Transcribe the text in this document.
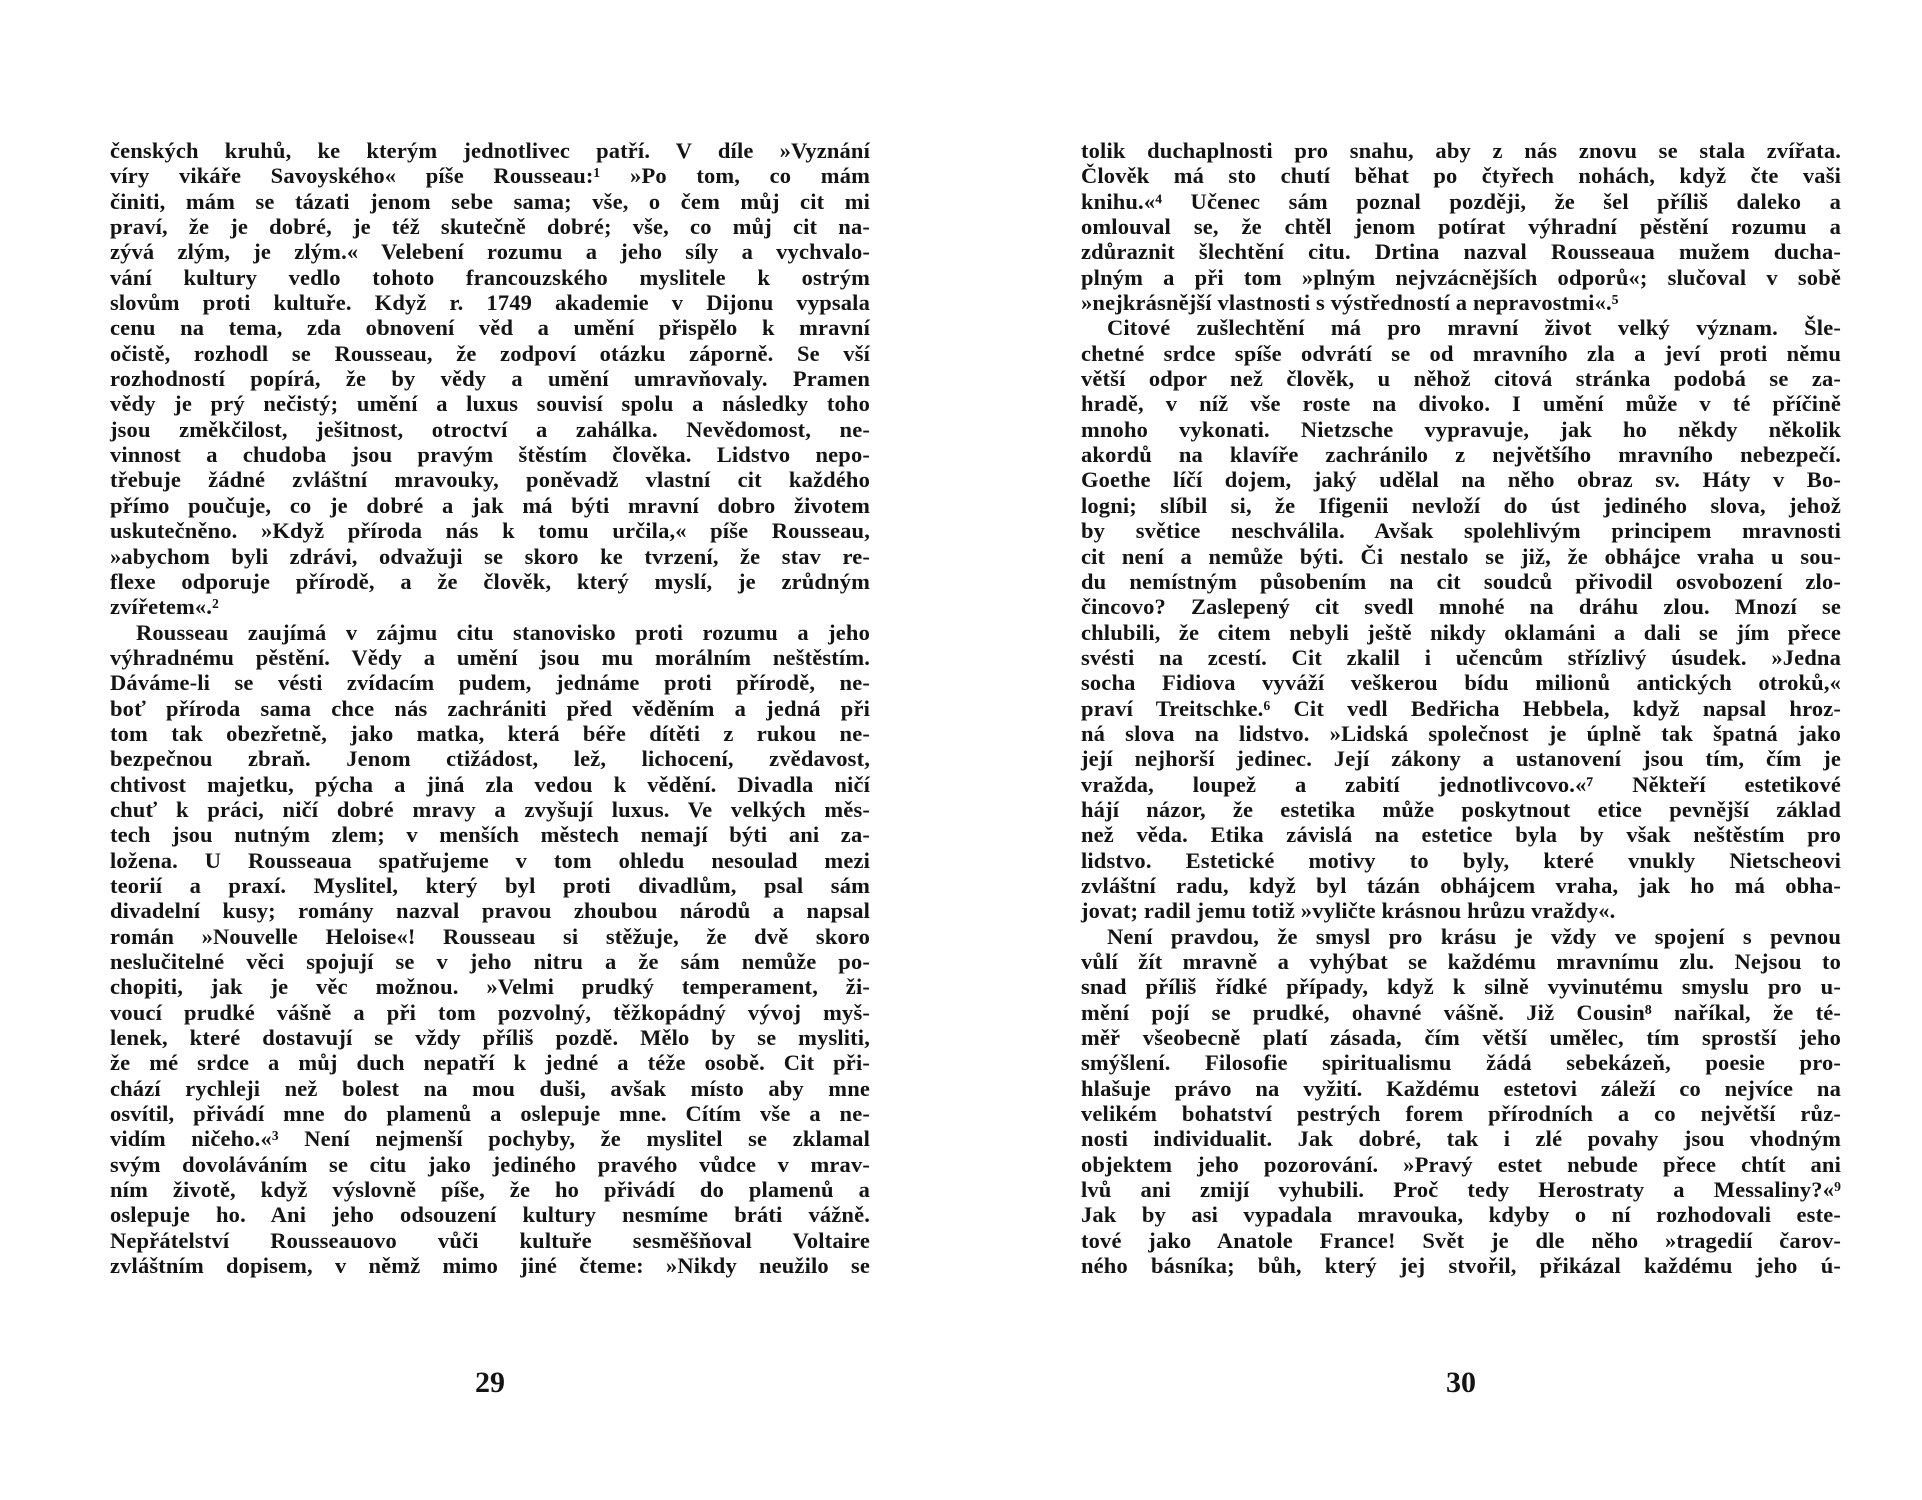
čenských kruhů, ke kterým jednotlivec patří. V díle »Vyznání
víry vikáře Savoyského« píše Rousseau:¹ »Po tom, co mám
činiti, mám se tázati jenom sebe sama; vše, o čem můj cit mi
praví, že je dobré, je též skutečně dobré; vše, co můj cit na-
zývá zlým, je zlým.« Velebení rozumu a jeho síly a vychvalo-
vání kultury vedlo tohoto francouzského myslitele k ostrým
slovům proti kultuře. Když r. 1749 akademie v Dijonu vypsala
cenu na tema, zda obnovení věd a umění přispělo k mravní
očistě, rozhodl se Rousseau, že zodpoví otázku záporně. Se vší
rozhodností popírá, že by vědy a umění umravňovaly. Pramen
vědy je prý nečistý; umění a luxus souvisí spolu a následky toho
jsou změkčilost, ješitnost, otroctví a zahálka. Nevědomost, ne-
vinnost a chudoba jsou pravým štěstím člověka. Lidstvo nepo-
třebuje žádné zvláštní mravouky, poněvadž vlastní cit každého
přímo poučuje, co je dobré a jak má býti mravní dobro životem
uskutečněno. »Když příroda nás k tomu určila,« píše Rousseau,
»abychom byli zdrávi, odvažuji se skoro ke tvrzení, že stav re-
flexe odporuje přírodě, a že člověk, který myslí, je zrůdným
zvířetem«.²
Rousseau zaujímá v zájmu citu stanovisko proti rozumu a jeho
výhradnému pěstění. Vědy a umění jsou mu morálním neštěstím.
Dáváme-li se vésti zvídacím pudem, jednáme proti přírodě, ne-
boť příroda sama chce nás zachrániti před věděním a jedná při
tom tak obezřetně, jako matka, která béře dítěti z rukou ne-
bezpečnou zbraň. Jenom ctižádost, lež, lichocení, zvědavost,
chtivost majetku, pýcha a jiná zla vedou k vědění. Divadla ničí
chuť k práci, ničí dobré mravy a zvyšují luxus. Ve velkých měs-
tech jsou nutným zlem; v menších městech nemají býti ani za-
ložena. U Rousseaua spatřujeme v tom ohledu nesoulad mezi
teorií a praxí. Myslitel, který byl proti divadlům, psal sám
divadelní kusy; romány nazval pravou zhoubou národů a napsal
román »Nouvelle Heloise«! Rousseau si stěžuje, že dvě skoro
neslučitelné věci spojují se v jeho nitru a že sám nemůže po-
chopiti, jak je věc možnou. »Velmi prudký temperament, ži-
voucí prudké vášně a při tom pozvolný, těžkopádný vývoj myš-
lenek, které dostavují se vždy příliš pozdě. Mělo by se mysliti,
že mé srdce a můj duch nepatří k jedné a téže osobě. Cit při-
chází rychleji než bolest na mou duši, avšak místo aby mne
osvítil, přivádí mne do plamenů a oslepuje mne. Cítím vše a ne-
vidím ničeho.«³ Není nejmenší pochyby, že myslitel se zklamal
svým dovoláváním se citu jako jediného pravého vůdce v mrav-
ním životě, když výslovně píše, že ho přivádí do plamenů a
oslepuje ho. Ani jeho odsouzení kultury nesmíme bráti vážně.
Nepřátelství Rousseauovo vůči kultuře sesměšňoval Voltaire
zvláštním dopisem, v němž mimo jiné čteme: »Nikdy neužilo se
29
tolik duchaplnosti pro snahu, aby z nás znovu se stala zvířata.
Člověk má sto chutí běhat po čtyřech nohách, když čte vaši
knihu.«⁴ Učenec sám poznal později, že šel příliš daleko a
omlouval se, že chtěl jenom potírat výhradní pěstění rozumu a
zdůraznit šlechtění citu. Drtina nazval Rousseaua mužem ducha-
plným a při tom »plným nejvzácnějších odporů«; slučoval v sobě
»nejkrásnější vlastnosti s výstředností a nepravostmi«.⁵
Citové zušlechtění má pro mravní život velký význam. Šle-
chetné srdce spíše odvrátí se od mravního zla a jeví proti němu
větší odpor než člověk, u něhož citová stránka podobá se za-
hradě, v níž vše roste na divoko. I umění může v té příčině
mnoho vykonati. Nietzsche vypravuje, jak ho někdy několik
akordů na klavíře zachránilo z největšího mravního nebezpečí.
Goethe líčí dojem, jaký udělal na něho obraz sv. Háty v Bo-
logni; slíbil si, že Ifigenii nevloží do úst jediného slova, jehož
by světice neschválila. Avšak spolehlivým principem mravnosti
cit není a nemůže býti. Či nestalo se již, že obhájce vraha u sou-
du nemístným působením na cit soudců přivodil osvobození zlo-
čincovo? Zaslepený cit svedl mnohé na dráhu zlou. Mnozí se
chlubili, že citem nebyli ještě nikdy oklamáni a dali se jím přece
svésti na zcestí. Cit zkalil i učencům střízlivý úsudek. »Jedna
socha Fidiova vyváží veškerou bídu milionů antických otroků,«
praví Treitschke.⁶ Cit vedl Bedřicha Hebbela, když napsal hroz-
ná slova na lidstvo. »Lidská společnost je úplně tak špatná jako
její nejhorší jedinec. Její zákony a ustanovení jsou tím, čím je
vražda, loupež a zabití jednotlivcovo.«⁷ Někteří estetikové
hájí názor, že estetika může poskytnout etice pevnější základ
než věda. Etika závislá na estetice byla by však neštěstím pro
lidstvo. Estetické motivy to byly, které vnukly Nietscheovi
zvláštní radu, když byl tázán obhájcem vraha, jak ho má obha-
jovat; radil jemu totiž »vyličte krásnou hrůzu vraždy«.
Není pravdou, že smysl pro krásu je vždy ve spojení s pevnou
vůlí žít mravně a vyhýbat se každému mravnímu zlu. Nejsou to
snad příliš řídké případy, když k silně vyvinutému smyslu pro u-
mění pojí se prudké, ohavné vášně. Již Cousin⁸ naříkal, že té-
měř všeobecně platí zásada, čím větší umělec, tím sprostší jeho
smýšlení. Filosofie spiritualismu žádá sebekázeň, poesie pro-
hlašuje právo na vyžití. Každému estetovi záleží co nejvíce na
velikém bohatství pestrých forem přírodních a co největší růz-
nosti individualit. Jak dobré, tak i zlé povahy jsou vhodným
objektem jeho pozorování. »Pravý estet nebude přece chtít ani
lvů ani zmijí vyhubili. Proč tedy Herostraty a Messaliny?«⁹
Jak by asi vypadala mravouka, kdyby o ní rozhodovali este-
tové jako Anatole France! Svět je dle něho »tragedií čarov-
ného básníka; bůh, který jej stvořil, přikázal každému jeho ú-
30
